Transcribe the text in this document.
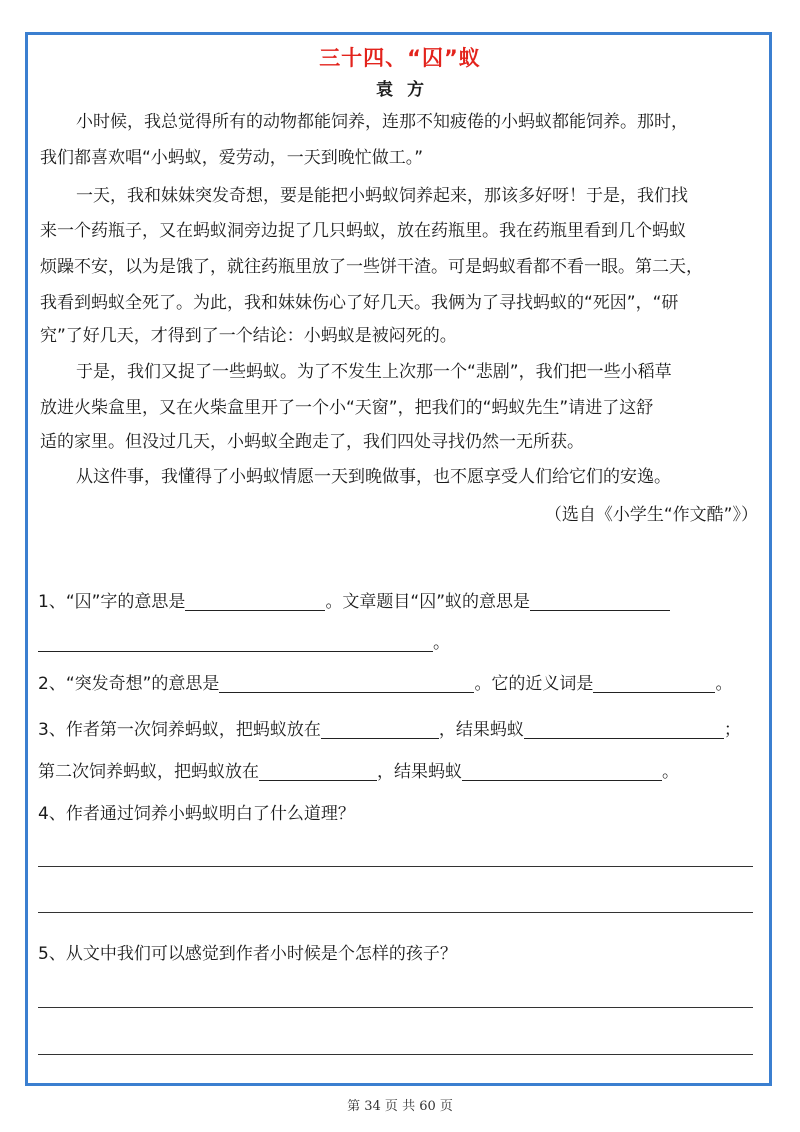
三十四、“囚”蚁
袁方
小时候，我总觉得所有的动物都能饲养，连那不知疲倦的小蚂蚁都能饲养。那时，
我们都喜欢唱“小蚂蚁，爱劳动，一天到晚忙做工。”
一天，我和妹妹突发奇想，要是能把小蚂蚁饲养起来，那该多好呀！于是，我们找
来一个药瓶子，又在蚂蚁洞旁边捉了几只蚂蚁，放在药瓶里。我在药瓶里看到几个蚂蚁
烦躁不安，以为是饿了，就往药瓶里放了一些饼干渣。可是蚂蚁看都不看一眼。第二天，
我看到蚂蚁全死了。为此，我和妹妹伤心了好几天。我俩为了寻找蚂蚁的“死因”，“研
究”了好几天，才得到了一个结论：小蚂蚁是被闷死的。
于是，我们又捉了一些蚂蚁。为了不发生上次那一个“悲剧”，我们把一些小稻草
放进火柴盒里，又在火柴盒里开了一个小“天窗”，把我们的“蚂蚁先生”请进了这舒
适的家里。但没过几天，小蚂蚁全跑走了，我们四处寻找仍然一无所获。
从这件事，我懂得了小蚂蚁情愿一天到晚做事，也不愿享受人们给它们的安逸。
（选自《小学生“作文酷”》）
1、“囚”字的意思是	。文章题目“囚”蚁的意思是
。
2、“突发奇想”的意思是	。它的近义词是	。
3、作者第一次饲养蚂蚁，把蚂蚁放在	，结果蚂蚁	；
第二次饲养蚂蚁，把蚂蚁放在	，结果蚂蚁	。
4、作者通过饲养小蚂蚁明白了什么道理？
5、从文中我们可以感觉到作者小时候是个怎样的孩子？
第 34 页 共 60 页
